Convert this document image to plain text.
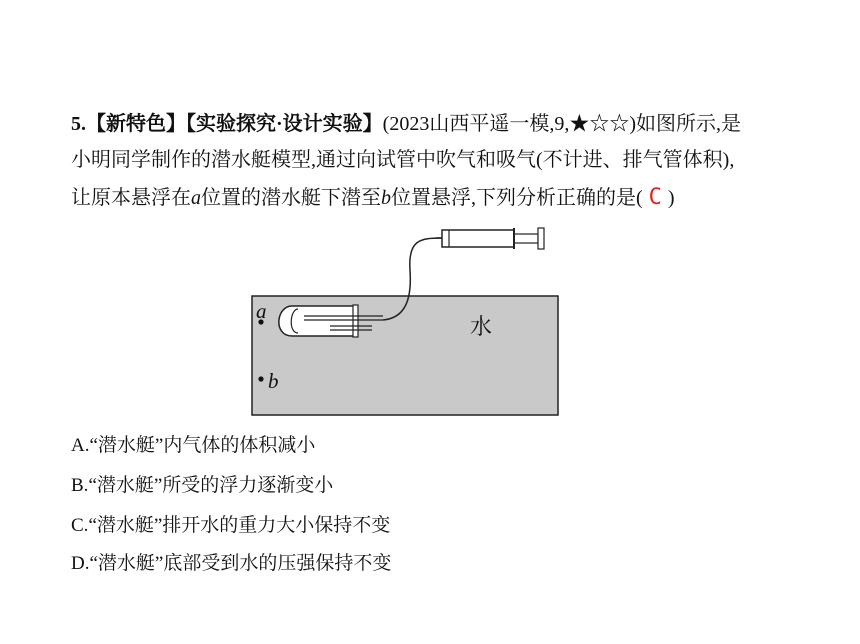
5.【新特色】【实验探究·设计实验】(2023山西平遥一模,9,★☆☆)如图所示,是
小明同学制作的潜水艇模型,通过向试管中吹气和吸气(不计进、排气管体积),
让原本悬浮在a位置的潜水艇下潜至b位置悬浮,下列分析正确的是( C )
a
b
水
A.“潜水艇”内气体的体积减小
B.“潜水艇”所受的浮力逐渐变小
C.“潜水艇”排开水的重力大小保持不变
D.“潜水艇”底部受到水的压强保持不变
